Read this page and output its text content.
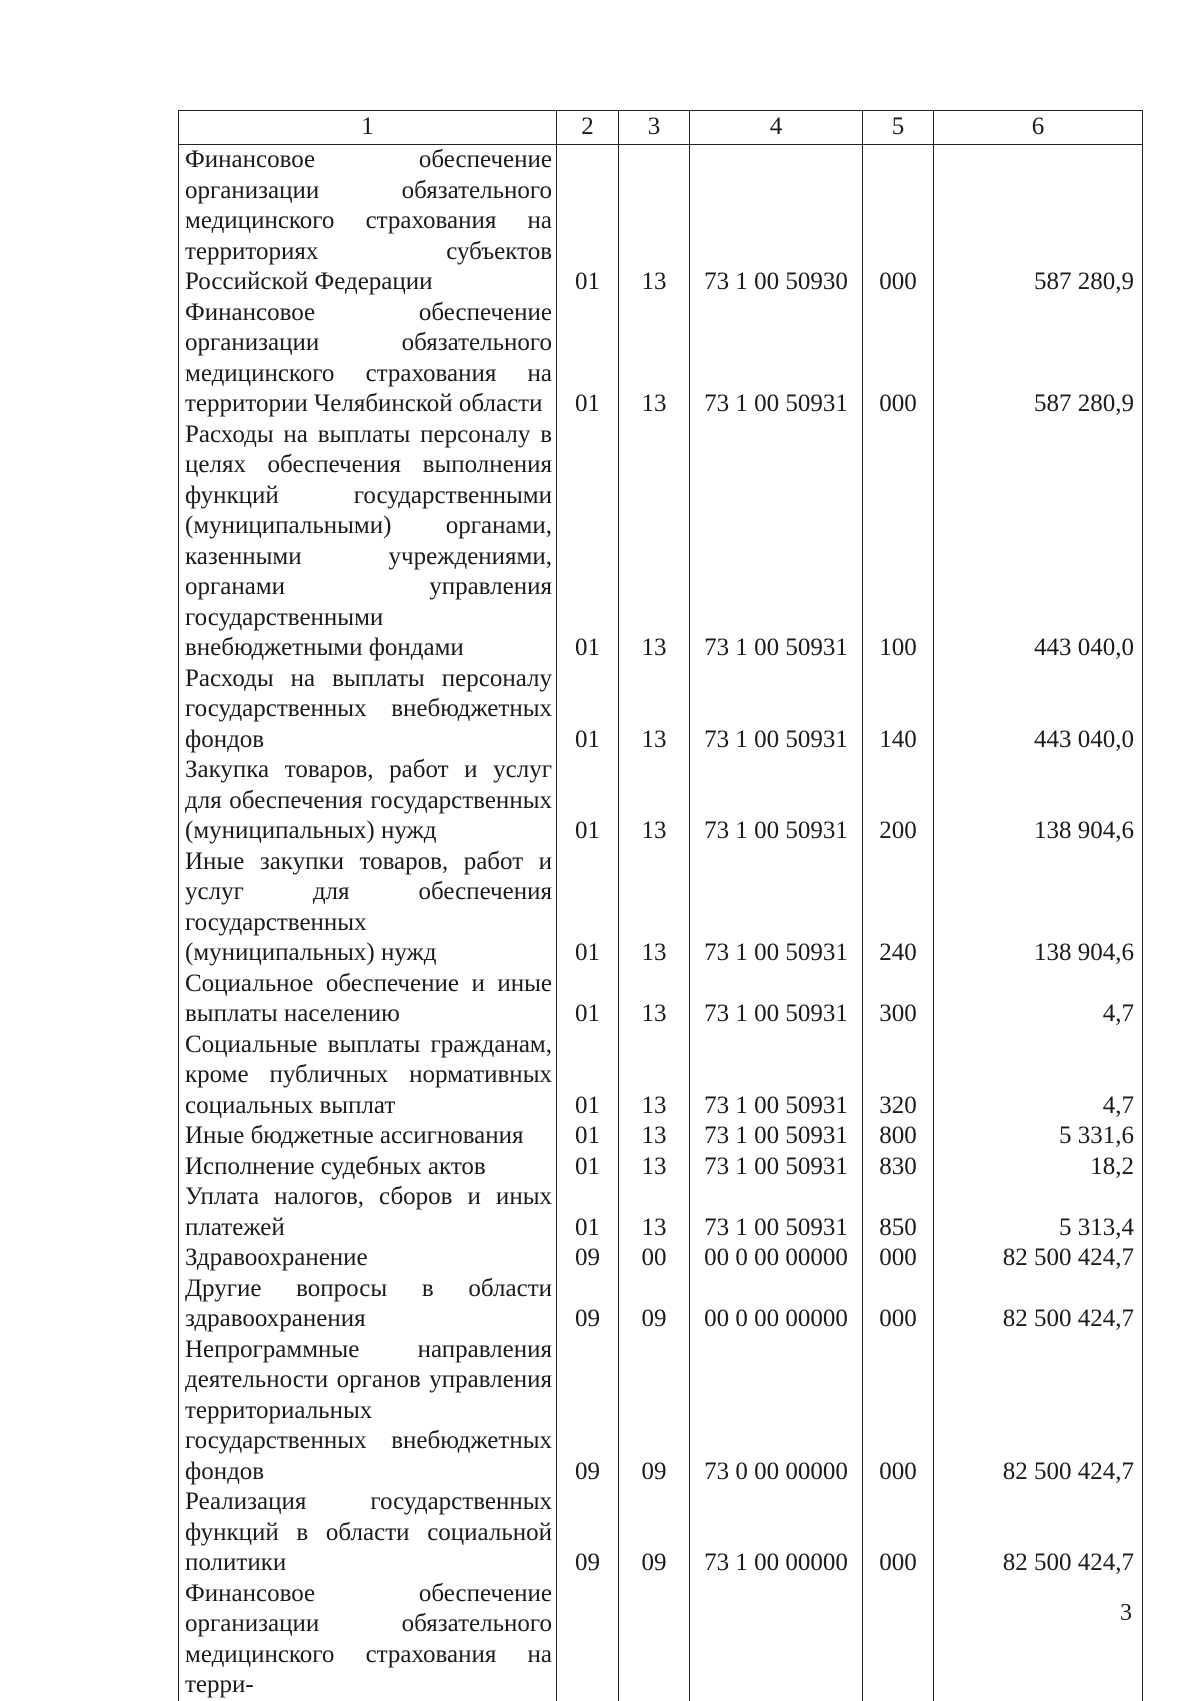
1	2	3	4	5	6
Финансовое обеспечение организации обязательного медицинского страхования на территориях субъектов Российской Федерации	01	13	73 1 00 50930	000	587 280,9
Финансовое обеспечение организации обязательного медицинского страхования на территории Челябинской области	01	13	73 1 00 50931	000	587 280,9
Расходы на выплаты персоналу в целях обеспечения выполнения функций государственными (муниципальными) органами, казенными учреждениями, органами управления государственными внебюджетными фондами	01	13	73 1 00 50931	100	443 040,0
Расходы на выплаты персоналу государственных внебюджетных фондов	01	13	73 1 00 50931	140	443 040,0
Закупка товаров, работ и услуг для обеспечения государственных (муниципальных) нужд	01	13	73 1 00 50931	200	138 904,6
Иные закупки товаров, работ и услуг для обеспечения государственных (муниципальных) нужд	01	13	73 1 00 50931	240	138 904,6
Социальное обеспечение и иные выплаты населению	01	13	73 1 00 50931	300	4,7
Социальные выплаты гражданам, кроме публичных нормативных социальных выплат	01	13	73 1 00 50931	320	4,7
Иные бюджетные ассигнования	01	13	73 1 00 50931	800	5 331,6
Исполнение судебных актов	01	13	73 1 00 50931	830	18,2
Уплата налогов, сборов и иных платежей	01	13	73 1 00 50931	850	5 313,4
Здравоохранение	09	00	00 0 00 00000	000	82 500 424,7
Другие вопросы в области здравоохранения	09	09	00 0 00 00000	000	82 500 424,7
Непрограммные направления деятельности органов управления территориальных государственных внебюджетных фондов	09	09	73 0 00 00000	000	82 500 424,7
Реализация государственных функций в области социальной политики	09	09	73 1 00 00000	000	82 500 424,7
Финансовое обеспечение организации обязательного медицинского страхования на терри-					
3
